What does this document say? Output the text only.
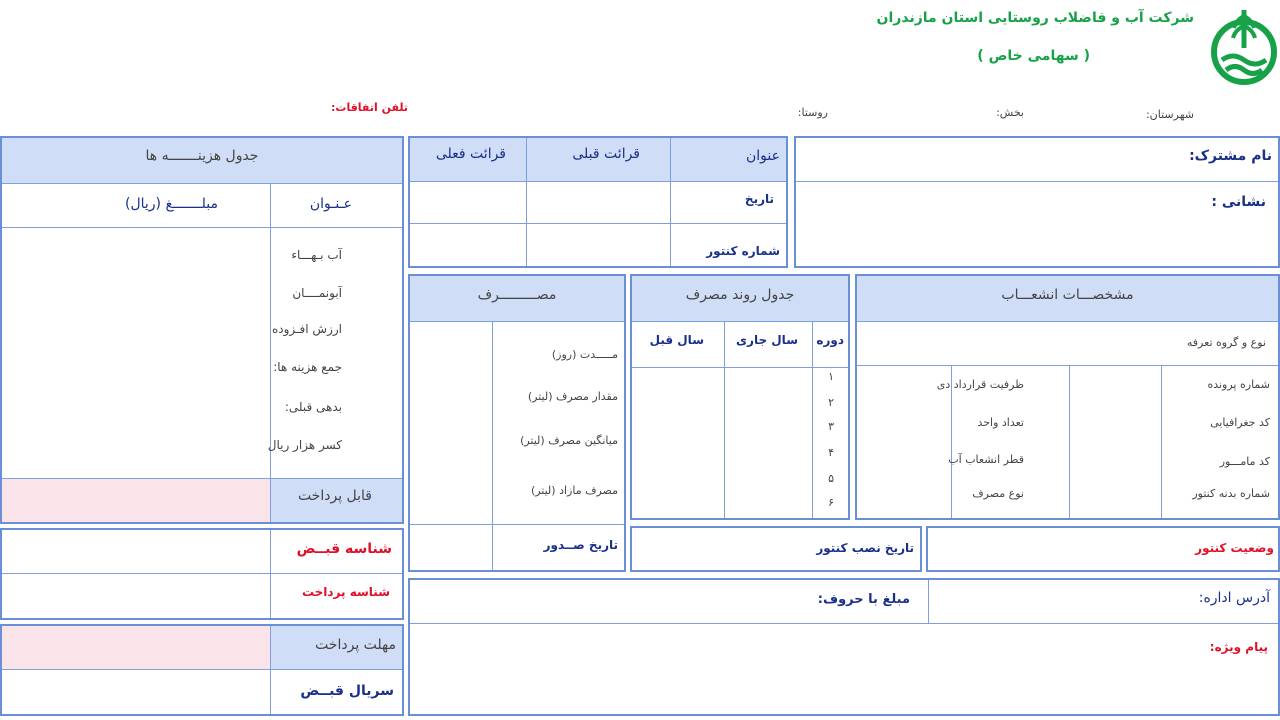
شرکت آب و فاضلاب روستایی استان مازندران
( سهامی خاص )
شهرستان:
بخش:
روستا:
تلفن اتفاقات:
نام مشترک:
نشانی :
عنوان
قرائت قبلی
قرائت فعلی
تاریخ
شماره کنتور
جدول هزینـــــــه ها
عـنـوان
مبلـــــــغ (ریال)
آب بـهـــاء
آبونمــــان
ارزش افـزوده
جمع هزینه ها:
بدهی قبلی:
کسر هزار ریال
قابل پرداخت
مشخصـــات انشعـــاب
نوع و گروه تعرفه
شماره پرونده
کد جغرافیایی
کد مامـــور
شماره بدنه کنتور
ظرفیت قرارداد دی
تعداد واحد
قطر انشعاب آب
نوع مصرف
جدول روند مصرف
دوره
سال جاری
سال قبل
۱
۲
۳
۴
۵
۶
مصـــــــــرف
مـــــدت (روز)
مقدار مصرف (لیتر)
میانگین مصرف (لیتر)
مصرف مازاد (لیتر)
تاریخ صــدور	وضعیت کنتور
تاریخ نصب کنتور
آدرس اداره:
مبلغ با حروف:
پیام ویژه:
شناسه قبــض
شناسه پرداخت
مهلت پرداخت
سریال قبــض
